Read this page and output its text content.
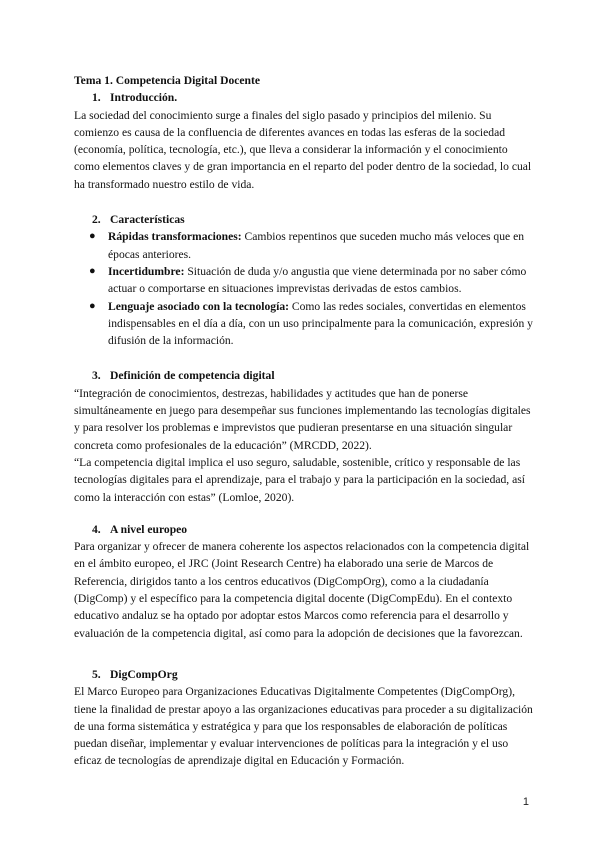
Tema 1. Competencia Digital Docente

1. Introducción.

La sociedad del conocimiento surge a finales del siglo pasado y principios del milenio. Su comienzo es causa de la confluencia de diferentes avances en todas las esferas de la sociedad (economía, política, tecnología, etc.), que lleva a considerar la información y el conocimiento como elementos claves y de gran importancia en el reparto del poder dentro de la sociedad, lo cual ha transformado nuestro estilo de vida.

2. Características

● Rápidas transformaciones: Cambios repentinos que suceden mucho más veloces que en épocas anteriores.
● Incertidumbre: Situación de duda y/o angustia que viene determinada por no saber cómo actuar o comportarse en situaciones imprevistas derivadas de estos cambios.
● Lenguaje asociado con la tecnología: Como las redes sociales, convertidas en elementos indispensables en el día a día, con un uso principalmente para la comunicación, expresión y difusión de la información.

3. Definición de competencia digital

“Integración de conocimientos, destrezas, habilidades y actitudes que han de ponerse simultáneamente en juego para desempeñar sus funciones implementando las tecnologías digitales y para resolver los problemas e imprevistos que pudieran presentarse en una situación singular concreta como profesionales de la educación” (MRCDD, 2022).

“La competencia digital implica el uso seguro, saludable, sostenible, crítico y responsable de las tecnologías digitales para el aprendizaje, para el trabajo y para la participación en la sociedad, así como la interacción con estas” (Lomloe, 2020).

4. A nivel europeo

Para organizar y ofrecer de manera coherente los aspectos relacionados con la competencia digital en el ámbito europeo, el JRC (Joint Research Centre) ha elaborado una serie de Marcos de Referencia, dirigidos tanto a los centros educativos (DigCompOrg), como a la ciudadanía (DigComp) y el específico para la competencia digital docente (DigCompEdu). En el contexto educativo andaluz se ha optado por adoptar estos Marcos como referencia para el desarrollo y evaluación de la competencia digital, así como para la adopción de decisiones que la favorezcan.

5. DigCompOrg

El Marco Europeo para Organizaciones Educativas Digitalmente Competentes (DigCompOrg), tiene la finalidad de prestar apoyo a las organizaciones educativas para proceder a su digitalización de una forma sistemática y estratégica y para que los responsables de elaboración de políticas puedan diseñar, implementar y evaluar intervenciones de políticas para la integración y el uso eficaz de tecnologías de aprendizaje digital en Educación y Formación.

1
